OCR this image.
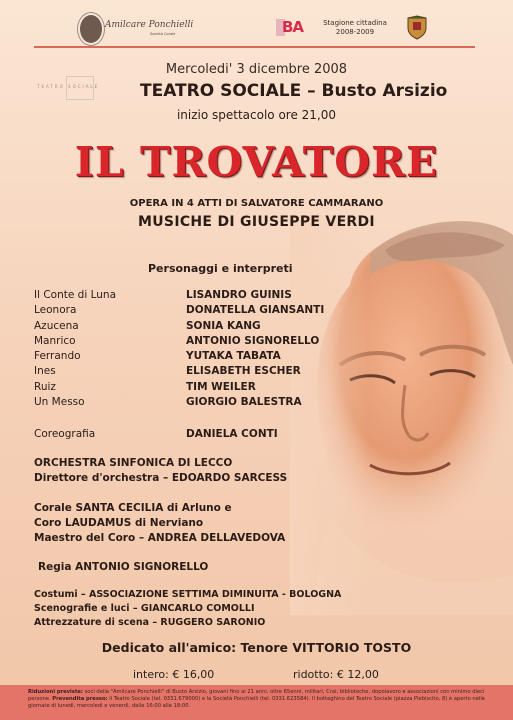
Amilcare Ponchielli
Società Corale	BA	Stagione cittadina
2008-2009
Mercoledi' 3 dicembre 2008
TEATRO SOCIALE TEATRO SOCIALE – Busto Arsizio
inizio spettacolo ore 21,00
IL TROVATORE
OPERA IN 4 ATTI DI SALVATORE CAMMARANO
MUSICHE DI GIUSEPPE VERDI
Personaggi e interpreti
Il Conte di Luna	LISANDRO GUINIS
Leonora	DONATELLA GIANSANTI
Azucena	SONIA KANG
Manrico	ANTONIO SIGNORELLO
Ferrando	YUTAKA TABATA
Ines	ELISABETH ESCHER
Ruiz	TIM WEILER
Un Messo	GIORGIO BALESTRA
Coreografia	DANIELA CONTI
ORCHESTRA SINFONICA DI LECCO
Direttore d'orchestra – EDOARDO SARCESS
Corale SANTA CECILIA di Arluno e
Coro LAUDAMUS di Nerviano
Maestro del Coro – ANDREA DELLAVEDOVA
Regia ANTONIO SIGNORELLO
Costumi – ASSOCIAZIONE SETTIMA DIMINUITA - BOLOGNA
Scenografie e luci – GIANCARLO COMOLLI
Attrezzature di scena – RUGGERO SARONIO
Dedicato all'amico: Tenore VITTORIO TOSTO
intero: € 16,00	ridotto: € 12,00
Riduzioni previste: soci della "Amilcare Ponchielli" di Busto Arsizio, giovani fino ai 21 anni, oltre 65enni, militari, Cral, biblioteche, dopolavoro e associazioni con minimo dieci persone. Prevendita presso: il Teatro Sociale (tel. 0331.679000) e la Società Ponchielli (tel. 0331.623584). Il botteghino del Teatro Sociale (piazza Plebiscito, 8) è aperto nelle giornate di lunedì, mercoledì e venerdì, dalle 16:00 alle 18:00.
